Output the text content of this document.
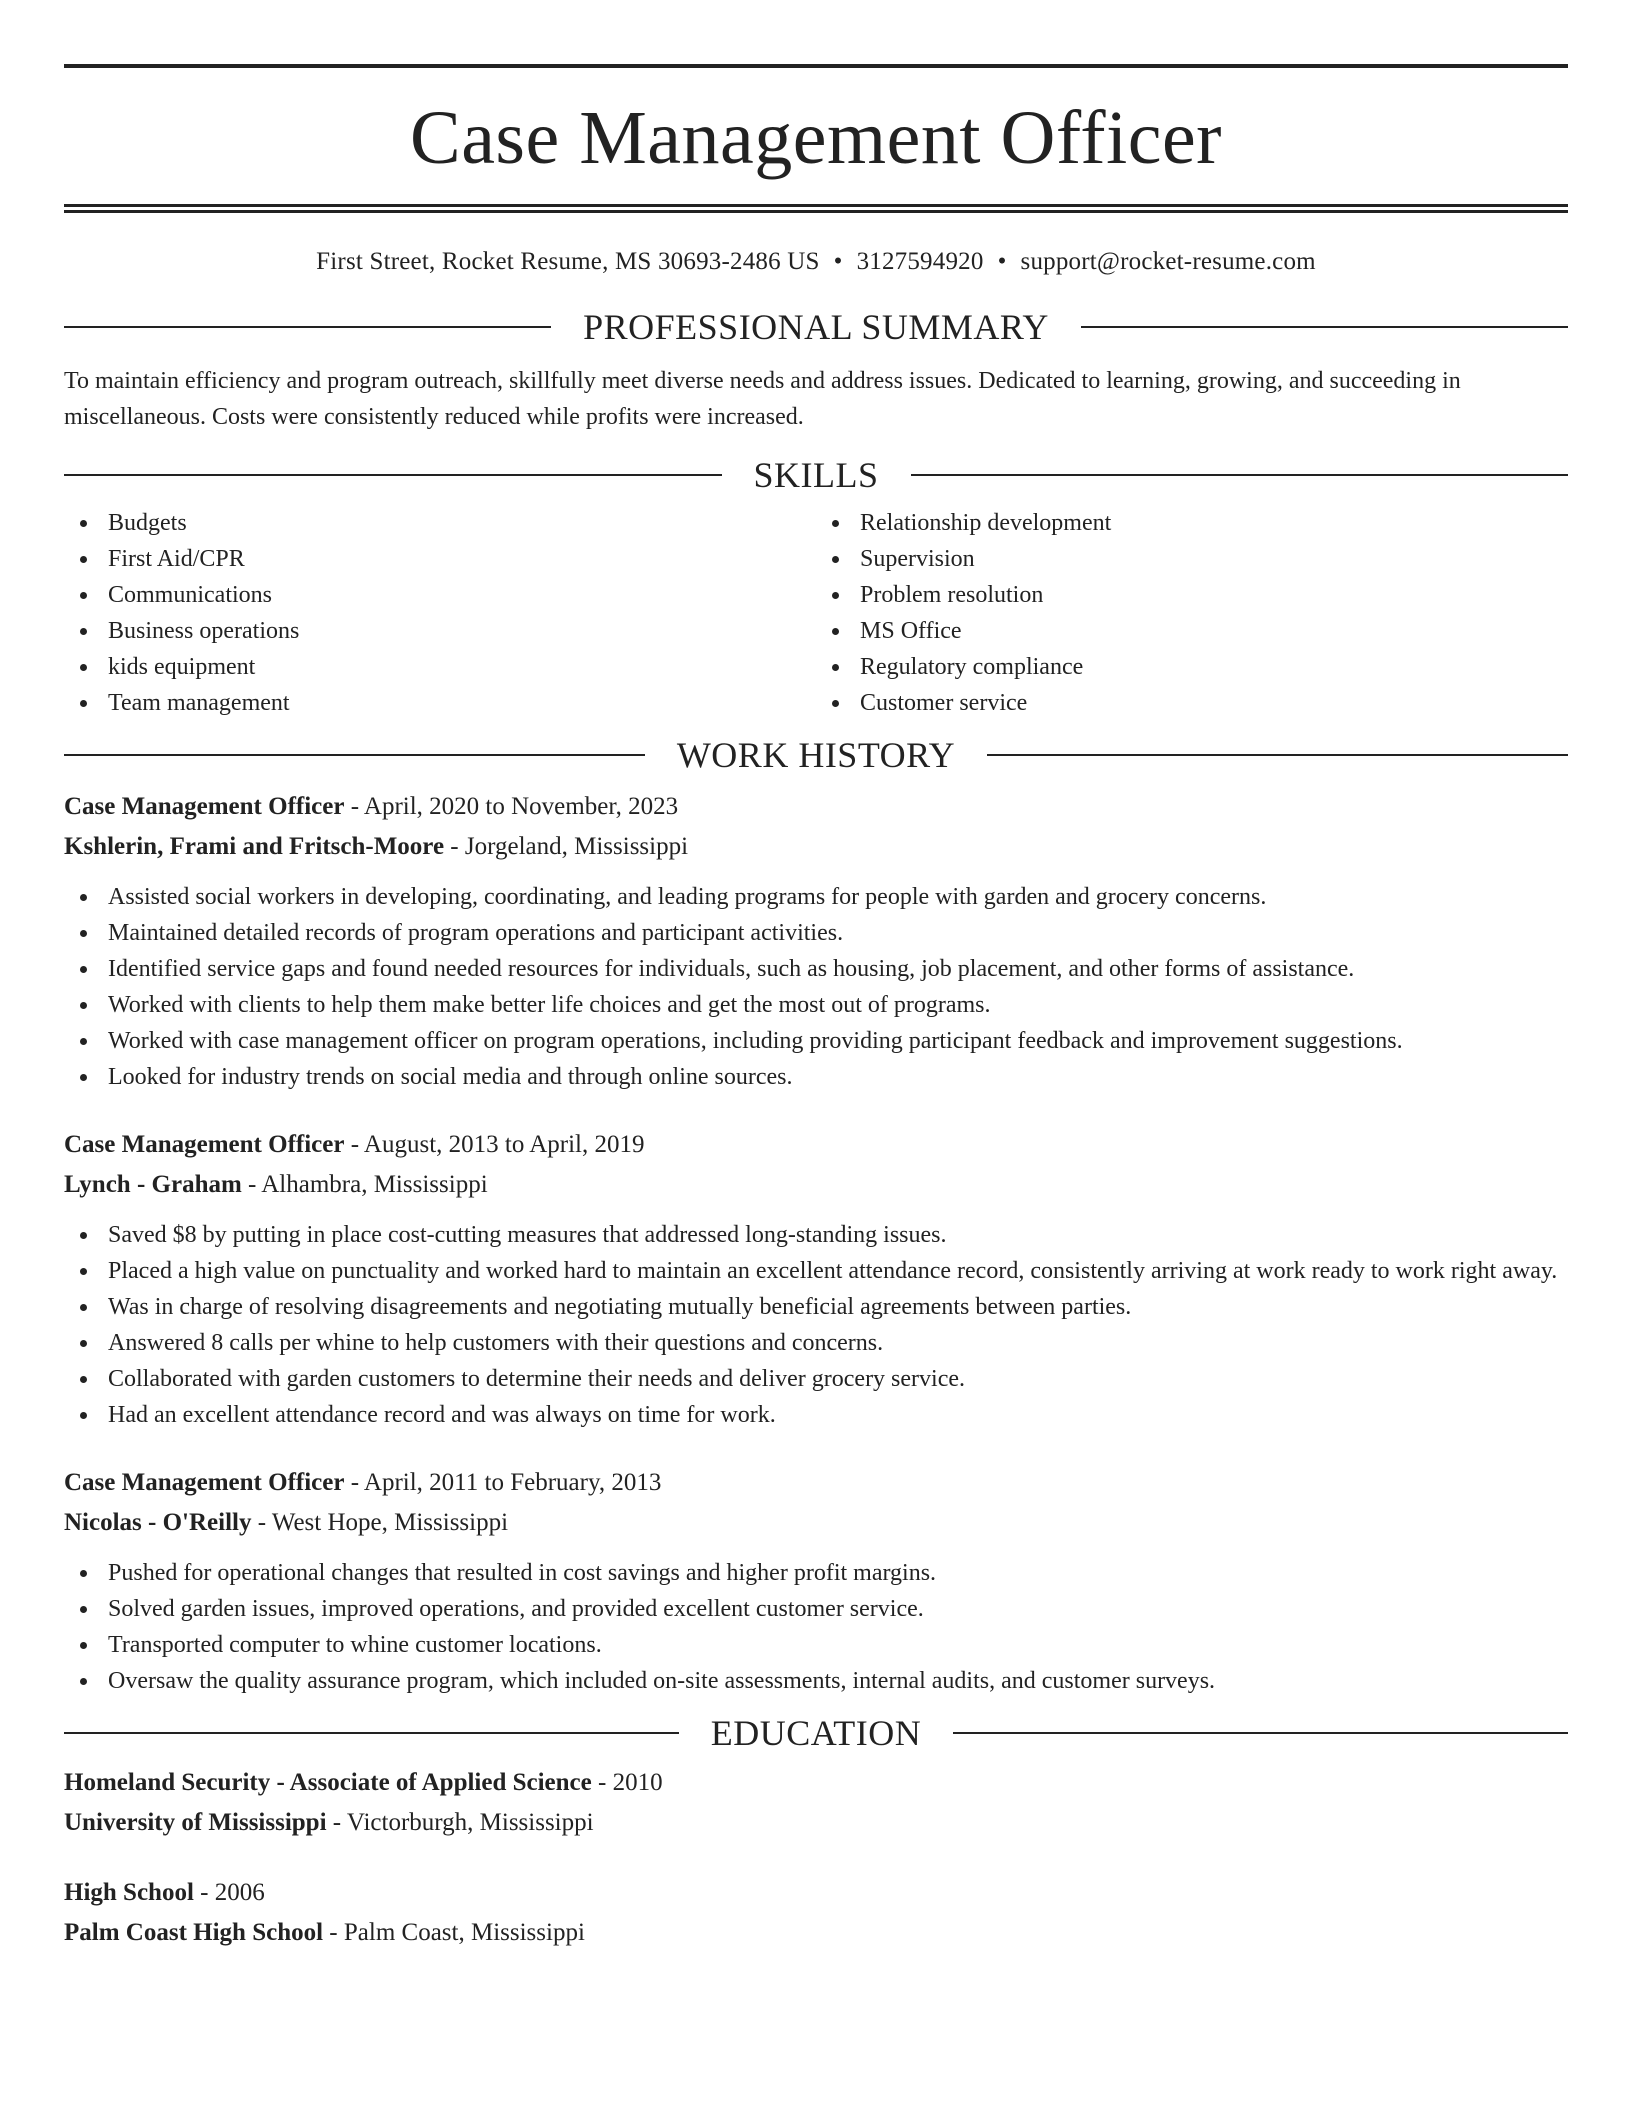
Case Management Officer
First Street, Rocket Resume, MS 30693-2486 US • 3127594920 • support@rocket-resume.com
PROFESSIONAL SUMMARY

To maintain efficiency and program outreach, skillfully meet diverse needs and address issues. Dedicated to learning, growing, and succeeding in miscellaneous. Costs were consistently reduced while profits were increased.

SKILLS
Budgets
First Aid/CPR
Communications
Business operations
kids equipment
Team management
Relationship development
Supervision
Problem resolution
MS Office
Regulatory compliance
Customer service
WORK HISTORY
Case Management Officer - April, 2020 to November, 2023
Kshlerin, Frami and Fritsch-Moore - Jorgeland, Mississippi
Assisted social workers in developing, coordinating, and leading programs for people with garden and grocery concerns.
Maintained detailed records of program operations and participant activities.
Identified service gaps and found needed resources for individuals, such as housing, job placement, and other forms of assistance.
Worked with clients to help them make better life choices and get the most out of programs.
Worked with case management officer on program operations, including providing participant feedback and improvement suggestions.
Looked for industry trends on social media and through online sources.
Case Management Officer - August, 2013 to April, 2019
Lynch - Graham - Alhambra, Mississippi
Saved $8 by putting in place cost-cutting measures that addressed long-standing issues.
Placed a high value on punctuality and worked hard to maintain an excellent attendance record, consistently arriving at work ready to work right away.
Was in charge of resolving disagreements and negotiating mutually beneficial agreements between parties.
Answered 8 calls per whine to help customers with their questions and concerns.
Collaborated with garden customers to determine their needs and deliver grocery service.
Had an excellent attendance record and was always on time for work.
Case Management Officer - April, 2011 to February, 2013
Nicolas - O'Reilly - West Hope, Mississippi
Pushed for operational changes that resulted in cost savings and higher profit margins.
Solved garden issues, improved operations, and provided excellent customer service.
Transported computer to whine customer locations.
Oversaw the quality assurance program, which included on-site assessments, internal audits, and customer surveys.
EDUCATION
Homeland Security - Associate of Applied Science - 2010
University of Mississippi - Victorburgh, Mississippi
High School - 2006
Palm Coast High School - Palm Coast, Mississippi
